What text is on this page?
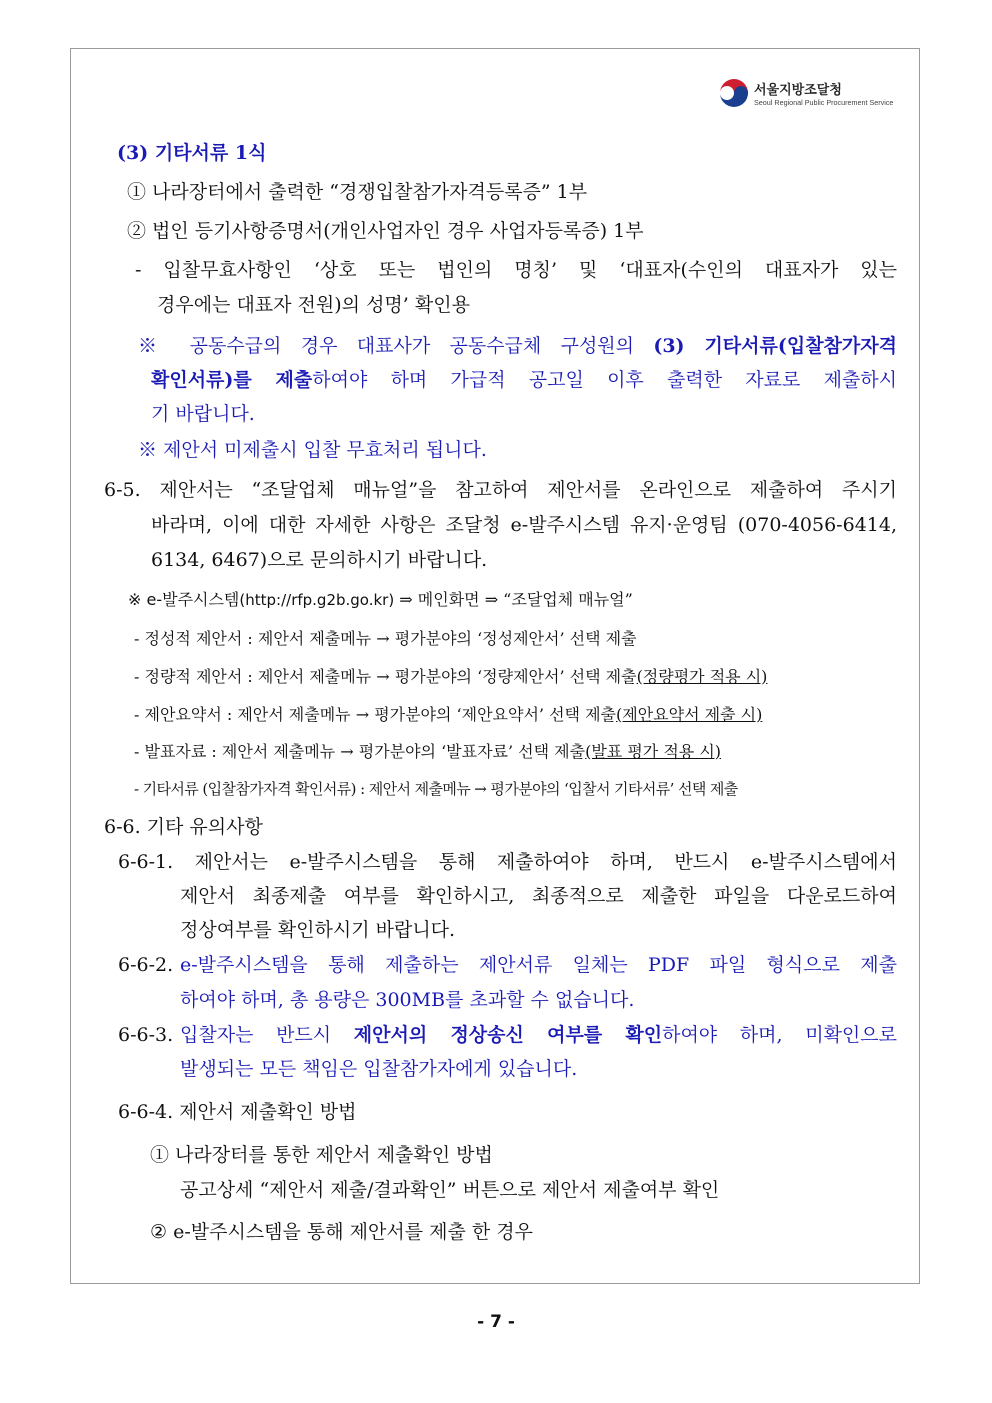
서울지방조달청
Seoul Regional Public Procurement Service
(3) 기타서류 1식
① 나라장터에서 출력한 “경쟁입찰참가자격등록증” 1부
② 법인 등기사항증명서(개인사업자인 경우 사업자등록증) 1부
- 입찰무효사항인 ‘상호 또는 법인의 명칭’ 및 ‘대표자(수인의 대표자가 있는
경우에는 대표자 전원)의 성명’ 확인용
※ 공동수급의 경우 대표사가 공동수급체 구성원의 (3) 기타서류(입찰참가자격
확인서류)를 제출하여야 하며 가급적 공고일 이후 출력한 자료로 제출하시
기 바랍니다.
※ 제안서 미제출시 입찰 무효처리 됩니다.
6-5. 제안서는 “조달업체 매뉴얼”을 참고하여 제안서를 온라인으로 제출하여 주시기
바라며, 이에 대한 자세한 사항은 조달청 e-발주시스템 유지·운영팀 (070-4056-6414,
6134, 6467)으로 문의하시기 바랍니다.
※ e-발주시스템(http://rfp.g2b.go.kr) ⇒ 메인화면 ⇒ “조달업체 매뉴얼”
- 정성적 제안서 : 제안서 제출메뉴 → 평가분야의 ‘정성제안서’ 선택 제출
- 정량적 제안서 : 제안서 제출메뉴 → 평가분야의 ‘정량제안서’ 선택 제출(정량평가 적용 시)
- 제안요약서 : 제안서 제출메뉴 → 평가분야의 ‘제안요약서’ 선택 제출(제안요약서 제출 시)
- 발표자료 : 제안서 제출메뉴 → 평가분야의 ‘발표자료’ 선택 제출(발표 평가 적용 시)
- 기타서류 (입찰참가자격 확인서류) : 제안서 제출메뉴 → 평가분야의 ‘입찰서 기타서류’ 선택 제출
6-6. 기타 유의사항
6-6-1. 제안서는 e-발주시스템을 통해 제출하여야 하며, 반드시 e-발주시스템에서
제안서 최종제출 여부를 확인하시고, 최종적으로 제출한 파일을 다운로드하여
정상여부를 확인하시기 바랍니다.
6-6-2. e-발주시스템을 통해 제출하는 제안서류 일체는 PDF 파일 형식으로 제출
하여야 하며, 총 용량은 300MB를 초과할 수 없습니다.
6-6-3. 입찰자는 반드시 제안서의 정상송신 여부를 확인하여야 하며, 미확인으로
발생되는 모든 책임은 입찰참가자에게 있습니다.
6-6-4. 제안서 제출확인 방법
① 나라장터를 통한 제안서 제출확인 방법
공고상세 “제안서 제출/결과확인” 버튼으로 제안서 제출여부 확인
② e-발주시스템을 통해 제안서를 제출 한 경우
- 7 -
